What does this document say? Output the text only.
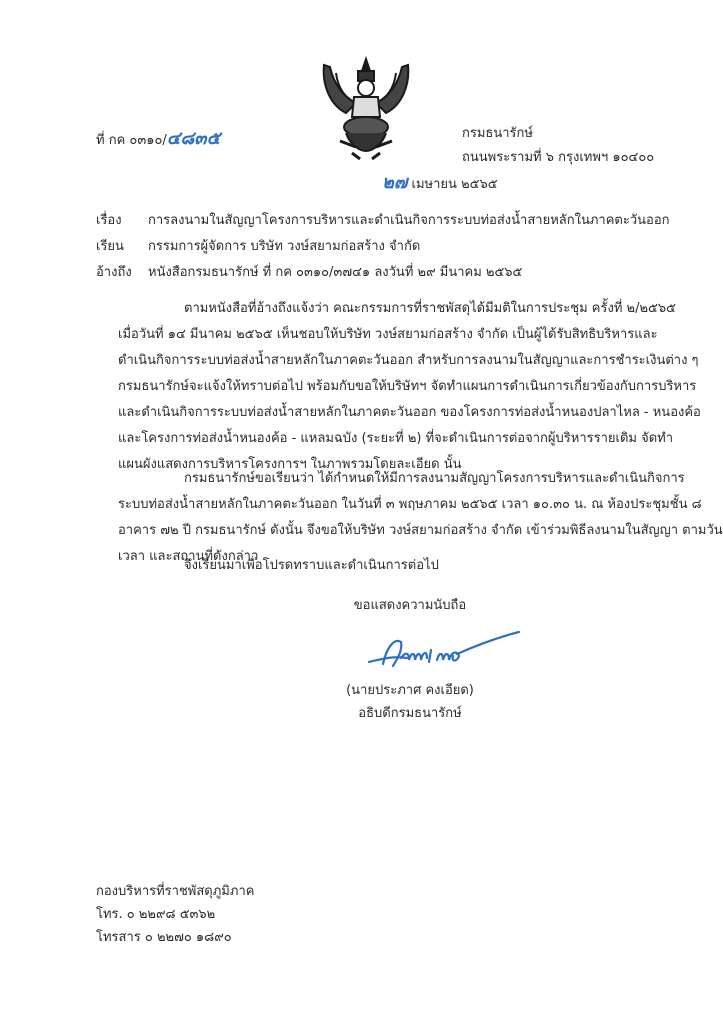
ที่ กค ๐๓๑๐/๔๘๓๕	กรมธนารักษ์
ถนนพระรามที่ ๖ กรุงเทพฯ ๑๐๔๐๐
๒๗ เมษายน ๒๕๖๕
เรื่อง การลงนามในสัญญาโครงการบริหารและดำเนินกิจการระบบท่อส่งน้ำสายหลักในภาคตะวันออก
เรียน กรรมการผู้จัดการ บริษัท วงษ์สยามก่อสร้าง จำกัด
อ้างถึง หนังสือกรมธนารักษ์ ที่ กค ๐๓๑๐/๓๗๔๑ ลงวันที่ ๒๙ มีนาคม ๒๕๖๕

ตามหนังสือที่อ้างถึงแจ้งว่า คณะกรรมการที่ราชพัสดุได้มีมติในการประชุม ครั้งที่ ๒/๒๕๖๕

เมื่อวันที่ ๑๔ มีนาคม ๒๕๖๕ เห็นชอบให้บริษัท วงษ์สยามก่อสร้าง จำกัด เป็นผู้ได้รับสิทธิบริหารและ

ดำเนินกิจการระบบท่อส่งน้ำสายหลักในภาคตะวันออก สำหรับการลงนามในสัญญาและการชำระเงินต่าง ๆ

กรมธนารักษ์จะแจ้งให้ทราบต่อไป พร้อมกับขอให้บริษัทฯ จัดทำแผนการดำเนินการเกี่ยวข้องกับการบริหาร

และดำเนินกิจการระบบท่อส่งน้ำสายหลักในภาคตะวันออก ของโครงการท่อส่งน้ำหนองปลาไหล - หนองค้อ

และโครงการท่อส่งน้ำหนองค้อ - แหลมฉบัง (ระยะที่ ๒) ที่จะดำเนินการต่อจากผู้บริหารรายเดิม จัดทำ

แผนผังแสดงการบริหารโครงการฯ ในภาพรวมโดยละเอียด นั้น

กรมธนารักษ์ขอเรียนว่า ได้กำหนดให้มีการลงนามสัญญาโครงการบริหารและดำเนินกิจการ

ระบบท่อส่งน้ำสายหลักในภาคตะวันออก ในวันที่ ๓ พฤษภาคม ๒๕๖๕ เวลา ๑๐.๓๐ น. ณ ห้องประชุมชั้น ๘

อาคาร ๗๒ ปี กรมธนารักษ์ ดังนั้น จึงขอให้บริษัท วงษ์สยามก่อสร้าง จำกัด เข้าร่วมพิธีลงนามในสัญญา ตามวัน

เวลา และสถานที่ดังกล่าว

จึงเรียนมาเพื่อโปรดทราบและดำเนินการต่อไป
ขอแสดงความนับถือ
(นายประภาศ คงเอียด)
อธิบดีกรมธนารักษ์
กองบริหารที่ราชพัสดุภูมิภาค
โทร. ๐ ๒๒๙๘ ๕๓๖๒
โทรสาร ๐ ๒๒๗๐ ๑๘๙๐
